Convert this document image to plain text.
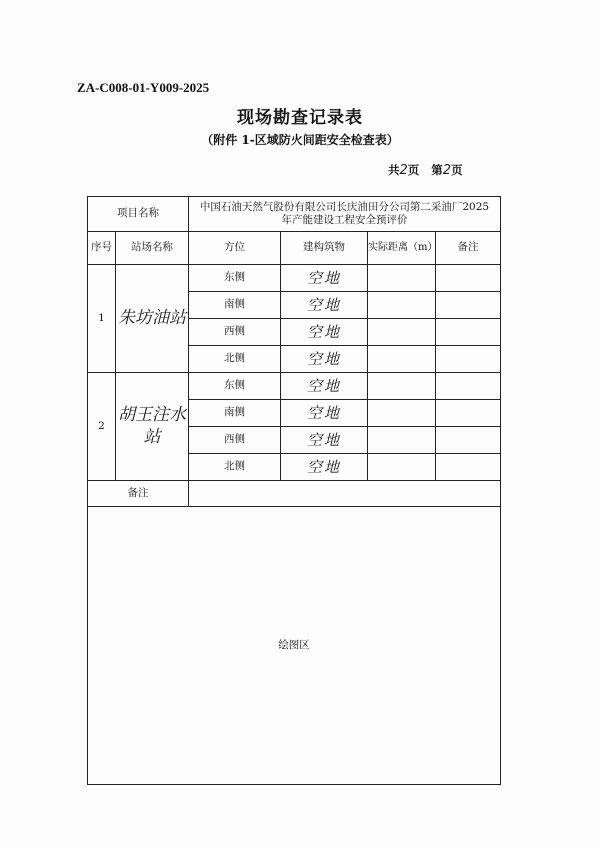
ZA-C008-01-Y009-2025
现场勘查记录表
（附件 1-区域防火间距安全检查表）
共2页 第2页
项目名称		中国石油天然气股份有限公司长庆油田分公司第二采油厂2025 年产能建设工程安全预评价			
序号	站场名称	方位	建构筑物	实际距离（m）	备注
1	朱坊油站	东侧	空地		
		南侧	空地		
		西侧	空地		
		北侧	空地		
2	胡王注水站	东侧	空地		
		南侧	空地		
		西侧	空地		
		北侧	空地		
备注					
绘图区					
